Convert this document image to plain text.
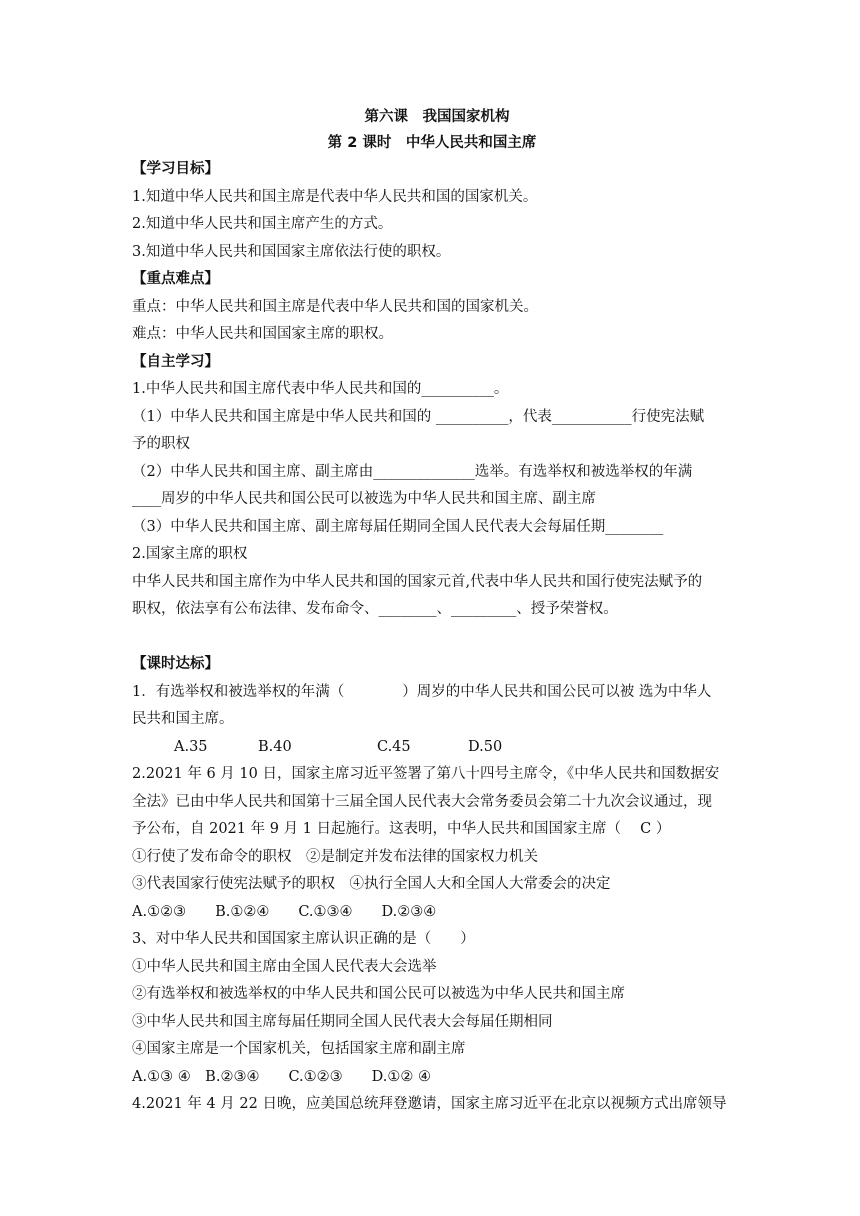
第六课　我国国家机构
第 2 课时　中华人民共和国主席
【学习目标】
1.知道中华人民共和国主席是代表中华人民共和国的国家机关。
2.知道中华人民共和国主席产生的方式。
3.知道中华人民共和国国家主席依法行使的职权。
【重点难点】
重点：中华人民共和国主席是代表中华人民共和国的国家机关。
难点：中华人民共和国国家主席的职权。
【自主学习】
1.中华人民共和国主席代表中华人民共和国的__________。
（1）中华人民共和国主席是中华人民共和国的 __________，代表___________行使宪法赋
予的职权
（2）中华人民共和国主席、副主席由______________选举。有选举权和被选举权的年满
____周岁的中华人民共和国公民可以被选为中华人民共和国主席、副主席
（3）中华人民共和国主席、副主席每届任期同全国人民代表大会每届任期________
2.国家主席的职权
中华人民共和国主席作为中华人民共和国的国家元首,代表中华人民共和国行使宪法赋予的
职权，依法享有公布法律、发布命令、________、_________、授予荣誉权。
【课时达标】
1．有选举权和被选举权的年满（　　　　）周岁的中华人民共和国公民可以被 选为中华人
民共和国主席。
A.35	B.40	C.45	D.50
2.2021 年 6 月 10 日，国家主席习近平签署了第八十四号主席令，《中华人民共和国数据安
全法》已由中华人民共和国第十三届全国人民代表大会常务委员会第二十九次会议通过，现
予公布，自 2021 年 9 月 1 日起施行。这表明，中华人民共和国国家主席（　 C ）
①行使了发布命令的职权　②是制定并发布法律的国家权力机关
③代表国家行使宪法赋予的职权　④执行全国人大和全国人大常委会的决定
A.①②③　　B.①②④　　C.①③④　　D.②③④
3、对中华人民共和国国家主席认识正确的是（　　）
①中华人民共和国主席由全国人民代表大会选举
②有选举权和被选举权的中华人民共和国公民可以被选为中华人民共和国主席
③中华人民共和国主席每届任期同全国人民代表大会每届任期相同
④国家主席是一个国家机关，包括国家主席和副主席
A.①③ ④　B.②③④　　C.①②③　　D.①② ④
4.2021 年 4 月 22 日晚，应美国总统拜登邀请，国家主席习近平在北京以视频方式出席领导
